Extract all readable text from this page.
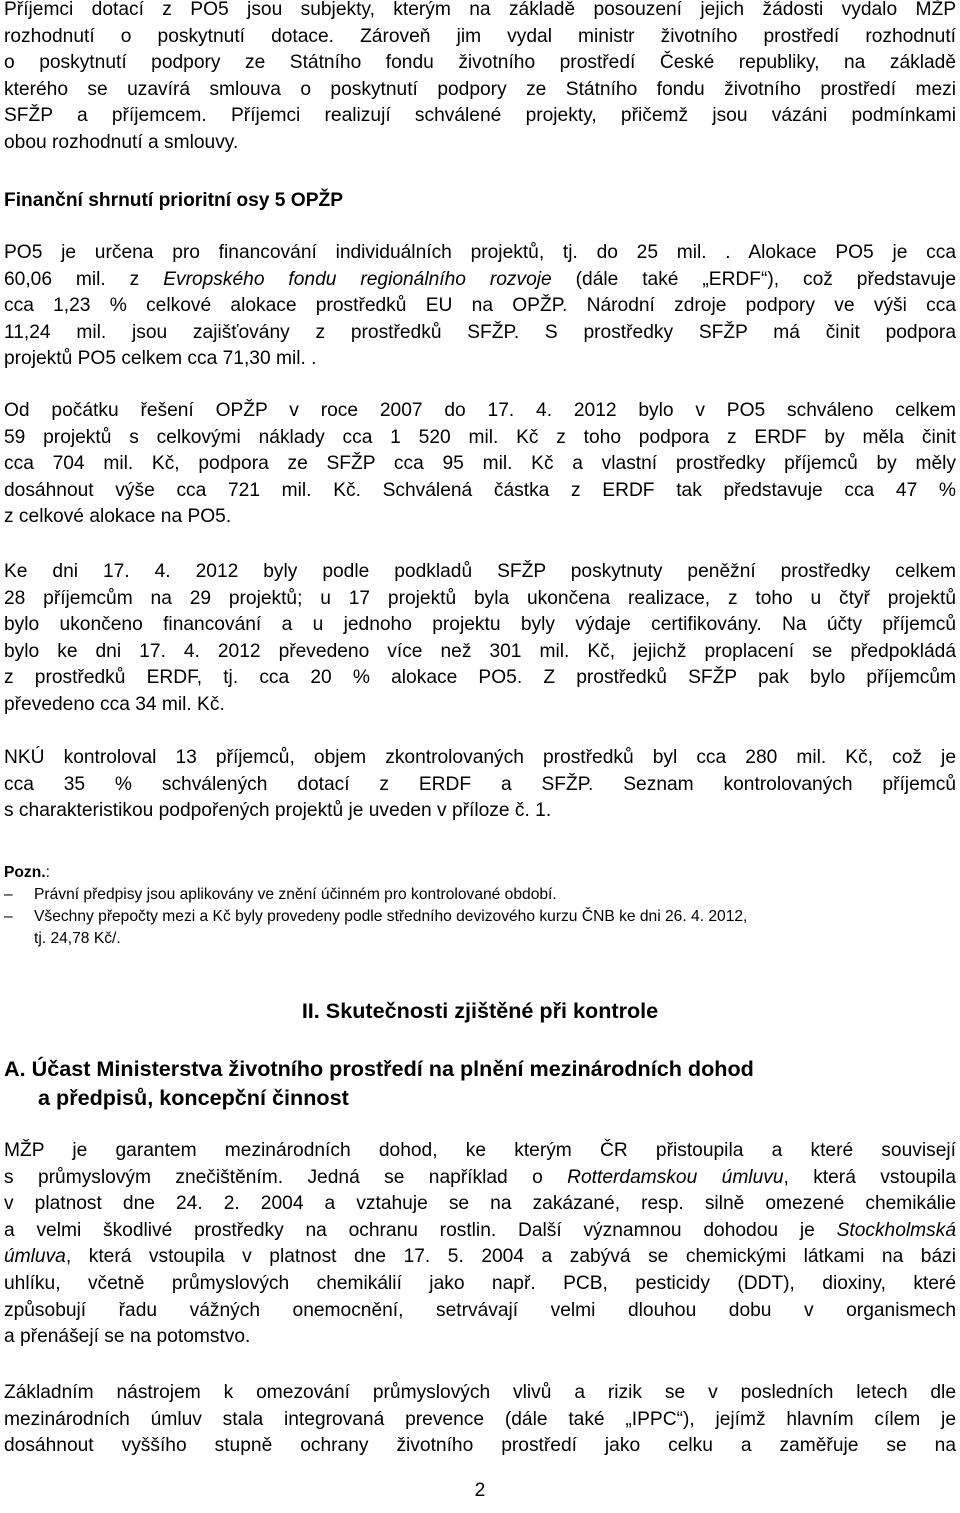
Příjemci dotací z PO5 jsou subjekty, kterým na základě posouzení jejich žádosti vydalo MŽP
rozhodnutí o poskytnutí dotace. Zároveň jim vydal ministr životního prostředí rozhodnutí
o poskytnutí podpory ze Státního fondu životního prostředí České republiky, na základě
kterého se uzavírá smlouva o poskytnutí podpory ze Státního fondu životního prostředí mezi
SFŽP a příjemcem. Příjemci realizují schválené projekty, přičemž jsou vázáni podmínkami
obou rozhodnutí a smlouvy.
Finanční shrnutí prioritní osy 5 OPŽP
PO5 je určena pro financování individuálních projektů, tj. do 25 mil. . Alokace PO5 je cca
60,06 mil. z Evropského fondu regionálního rozvoje (dále také „ERDF“), což představuje
cca 1,23 % celkové alokace prostředků EU na OPŽP. Národní zdroje podpory ve výši cca
11,24 mil. jsou zajišťovány z prostředků SFŽP. S prostředky SFŽP má činit podpora
projektů PO5 celkem cca 71,30 mil. .
Od počátku řešení OPŽP v roce 2007 do 17. 4. 2012 bylo v PO5 schváleno celkem
59 projektů s celkovými náklady cca 1 520 mil. Kč z toho podpora z ERDF by měla činit
cca 704 mil. Kč, podpora ze SFŽP cca 95 mil. Kč a vlastní prostředky příjemců by měly
dosáhnout výše cca 721 mil. Kč. Schválená částka z ERDF tak představuje cca 47 %
z celkové alokace na PO5.
Ke dni 17. 4. 2012 byly podle podkladů SFŽP poskytnuty peněžní prostředky celkem
28 příjemcům na 29 projektů; u 17 projektů byla ukončena realizace, z toho u čtyř projektů
bylo ukončeno financování a u jednoho projektu byly výdaje certifikovány. Na účty příjemců
bylo ke dni 17. 4. 2012 převedeno více než 301 mil. Kč, jejichž proplacení se předpokládá
z prostředků ERDF, tj. cca 20 % alokace PO5. Z prostředků SFŽP pak bylo příjemcům
převedeno cca 34 mil. Kč.
NKÚ kontroloval 13 příjemců, objem zkontrolovaných prostředků byl cca 280 mil. Kč, což je
cca 35 % schválených dotací z ERDF a SFŽP. Seznam kontrolovaných příjemců
s charakteristikou podpořených projektů je uveden v příloze č. 1.
Pozn.:
– Právní předpisy jsou aplikovány ve znění účinném pro kontrolované období.
– Všechny přepočty mezi a Kč byly provedeny podle středního devizového kurzu ČNB ke dni 26. 4. 2012,
tj. 24,78 Kč/.
II. Skutečnosti zjištěné při kontrole
A. Účast Ministerstva životního prostředí na plnění mezinárodních dohod
a předpisů, koncepční činnost
MŽP je garantem mezinárodních dohod, ke kterým ČR přistoupila a které souvisejí
s průmyslovým znečištěním. Jedná se například o Rotterdamskou úmluvu, která vstoupila
v platnost dne 24. 2. 2004 a vztahuje se na zakázané, resp. silně omezené chemikálie
a velmi škodlivé prostředky na ochranu rostlin. Další významnou dohodou je Stockholmská
úmluva, která vstoupila v platnost dne 17. 5. 2004 a zabývá se chemickými látkami na bázi
uhlíku, včetně průmyslových chemikálií jako např. PCB, pesticidy (DDT), dioxiny, které
způsobují řadu vážných onemocnění, setrvávají velmi dlouhou dobu v organismech
a přenášejí se na potomstvo.
Základním nástrojem k omezování průmyslových vlivů a rizik se v posledních letech dle
mezinárodních úmluv stala integrovaná prevence (dále také „IPPC“), jejímž hlavním cílem je
dosáhnout vyššího stupně ochrany životního prostředí jako celku a zaměřuje se na
2
